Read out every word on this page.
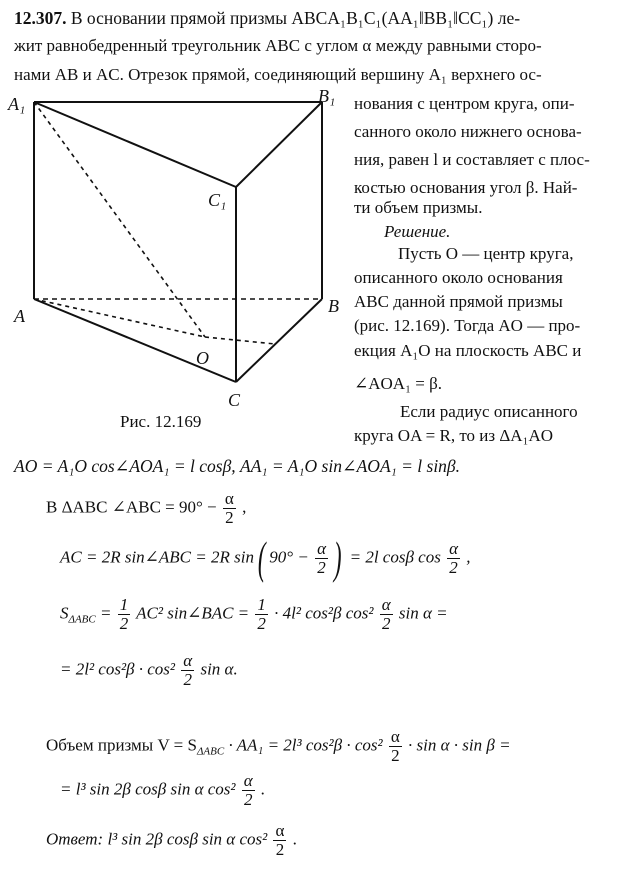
12.307. В основании прямой призмы ABCA₁B₁C₁(AA₁‖BB₁‖CC₁) ле-
жит равнобедренный треугольник ABC с углом α между равными сторо-
нами AB и AC. Отрезок прямой, соединяющий вершину A₁ верхнего ос-
нования с центром круга, опи-
санного около нижнего основа-
ния, равен l и составляет с плос-
костью основания угол β. Най-
ти объем призмы.
Решение.
Пусть O — центр круга,
описанного около основания
ABC данной прямой призмы
(рис. 12.169). Тогда AO — про-
екция A₁O на плоскость ABC и
∠AOA₁ = β.
Если радиус описанного
круга OA = R, то из ΔA₁AO
A₁	B₁
C₁
A	B
C
O
Рис. 12.169
AO = A₁O cos∠AOA₁ = l cosβ, AA₁ = A₁O sin∠AOA₁ = l sinβ.
В ΔABC ∠ABC = $90^\circ - \frac{\alpha}{2}$ ,
AC = 2R sin∠ABC = 2R sin( $90^\circ - \frac{\alpha}{2}$ ) = 2l cosβ $\cos \frac{\alpha}{2}$ ,
$S_{\Delta ABC} = \frac{1}{2} AC^2$ sin∠BAC = $\frac{1}{2} \cdot 4l^2$ cos²β $\cos^2 \frac{\alpha}{2}$ sin α =
= 2l² $\cos^2\beta \cdot \cos^2 \frac{\alpha}{2}$ sin α.
Объем призмы $V = S_{\Delta ABC} \cdot AA_1 = 2l^3$ $\cos^2\beta \cdot \cos^2 \frac{\alpha}{2} \cdot \sin \alpha \cdot \sin \beta$ =
= l³ sin 2β cosβ sin α $\cos^2 \frac{\alpha}{2}$ .
Ответ: l³ sin 2β cosβ sin α $\cos^2 \frac{\alpha}{2}$ .
